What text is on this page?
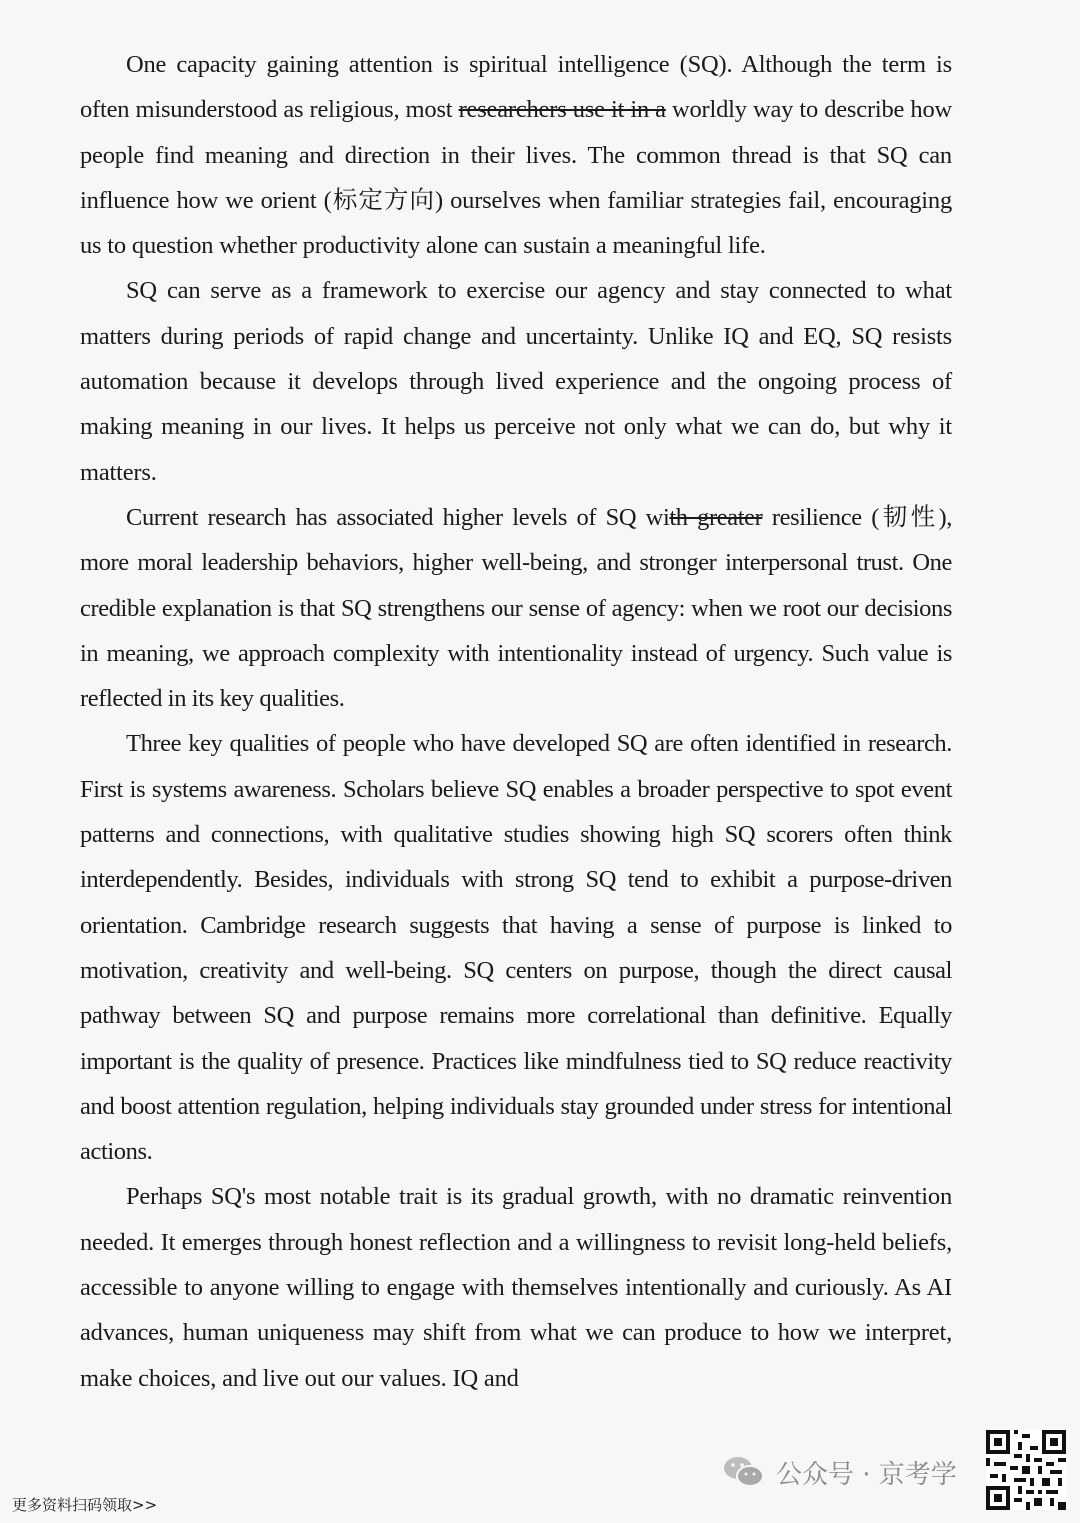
One capacity gaining attention is spiritual intelligence (SQ). Although the term is often misunderstood as religious, most researchers use it in a worldly way to describe how people find meaning and direction in their lives. The common thread is that SQ can influence how we orient (标定方向) ourselves when familiar strategies fail, encouraging us to question whether productivity alone can sustain a meaningful life.

SQ can serve as a framework to exercise our agency and stay connected to what matters during periods of rapid change and uncertainty. Unlike IQ and EQ, SQ resists automation because it develops through lived experience and the ongoing process of making meaning in our lives. It helps us perceive not only what we can do, but why it matters.

Current research has associated higher levels of SQ with greater resilience (韧性), more moral leadership behaviors, higher well-being, and stronger interpersonal trust. One credible explanation is that SQ strengthens our sense of agency: when we root our decisions in meaning, we approach complexity with intentionality instead of urgency. Such value is reflected in its key qualities.

Three key qualities of people who have developed SQ are often identified in research. First is systems awareness. Scholars believe SQ enables a broader perspective to spot event patterns and connections, with qualitative studies showing high SQ scorers often think interdependently. Besides, individuals with strong SQ tend to exhibit a purpose-driven orientation. Cambridge research suggests that having a sense of purpose is linked to motivation, creativity and well-being. SQ centers on purpose, though the direct causal pathway between SQ and purpose remains more correlational than definitive. Equally important is the quality of presence. Practices like mindfulness tied to SQ reduce reactivity and boost attention regulation, helping individuals stay grounded under stress for intentional actions.

Perhaps SQ's most notable trait is its gradual growth, with no dramatic reinvention needed. It emerges through honest reflection and a willingness to revisit long-held beliefs, accessible to anyone willing to engage with themselves intentionally and curiously. As AI advances, human uniqueness may shift from what we can produce to how we interpret, make choices, and live out our values. IQ and

更多资料扫码领取>>
公众号 · 京考学
